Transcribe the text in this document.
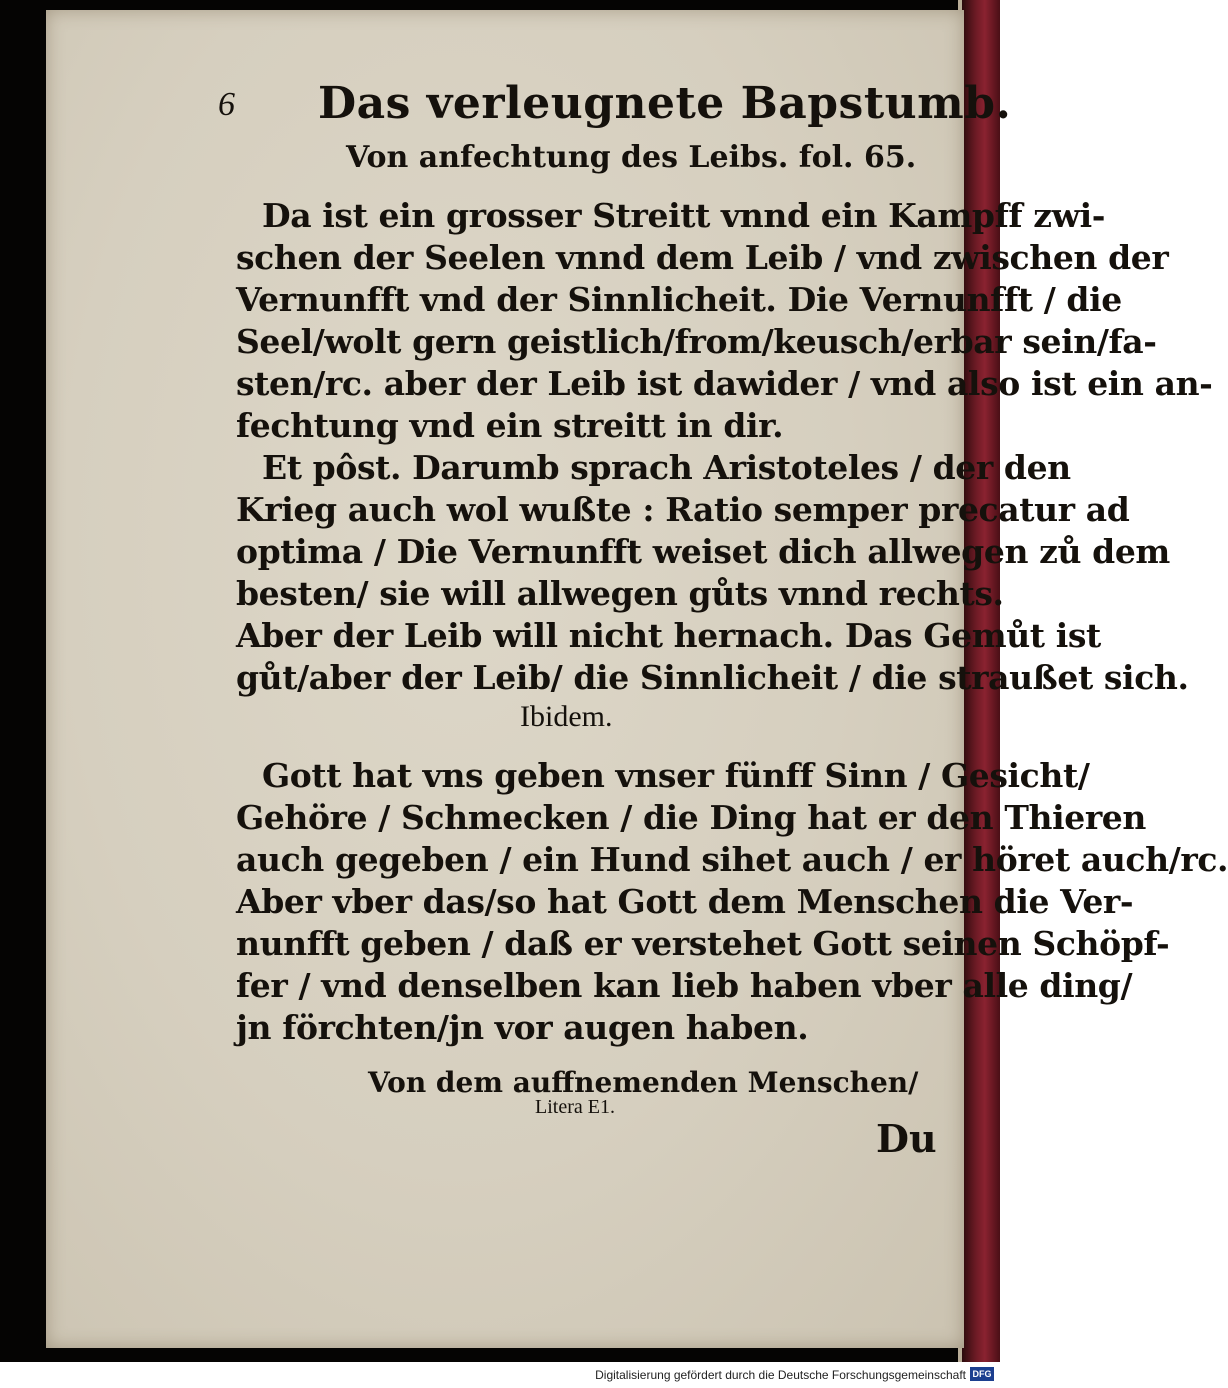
6 Das verleugnete Bapstumb.
Von anfechtung des Leibs. fol. 65.
Da ist ein grosser Streitt vnnd ein Kampff zwi-
schen der Seelen vnnd dem Leib / vnd zwischen der
Vernunfft vnd der Sinnlicheit. Die Vernunfft / die
Seel/wolt gern geistlich/from/keusch/erbar sein/fa-
sten/rc. aber der Leib ist dawider / vnd also ist ein an-
fechtung vnd ein streitt in dir.
Et pôst. Darumb sprach Aristoteles / der den
Krieg auch wol wußte : Ratio semper precatur ad
optima / Die Vernunfft weiset dich allwegen zů dem
besten/ sie will allwegen gůts vnnd rechts.
Aber der Leib will nicht hernach. Das Gemůt ist
gůt/aber der Leib/ die Sinnlicheit / die straußet sich.
Ibidem.
Gott hat vns geben vnser fünff Sinn / Gesicht/
Gehöre / Schmecken / die Ding hat er den Thieren
auch gegeben / ein Hund sihet auch / er höret auch/rc.
Aber vber das/so hat Gott dem Menschen die Ver-
nunfft geben / daß er verstehet Gott seinen Schöpf-
fer / vnd denselben kan lieb haben vber alle ding/
jn förchten/jn vor augen haben.
Von dem auffnemenden Menschen/
Litera E1.
Du
Digitalisierung gefördert durch die Deutsche Forschungsgemeinschaft DFG
